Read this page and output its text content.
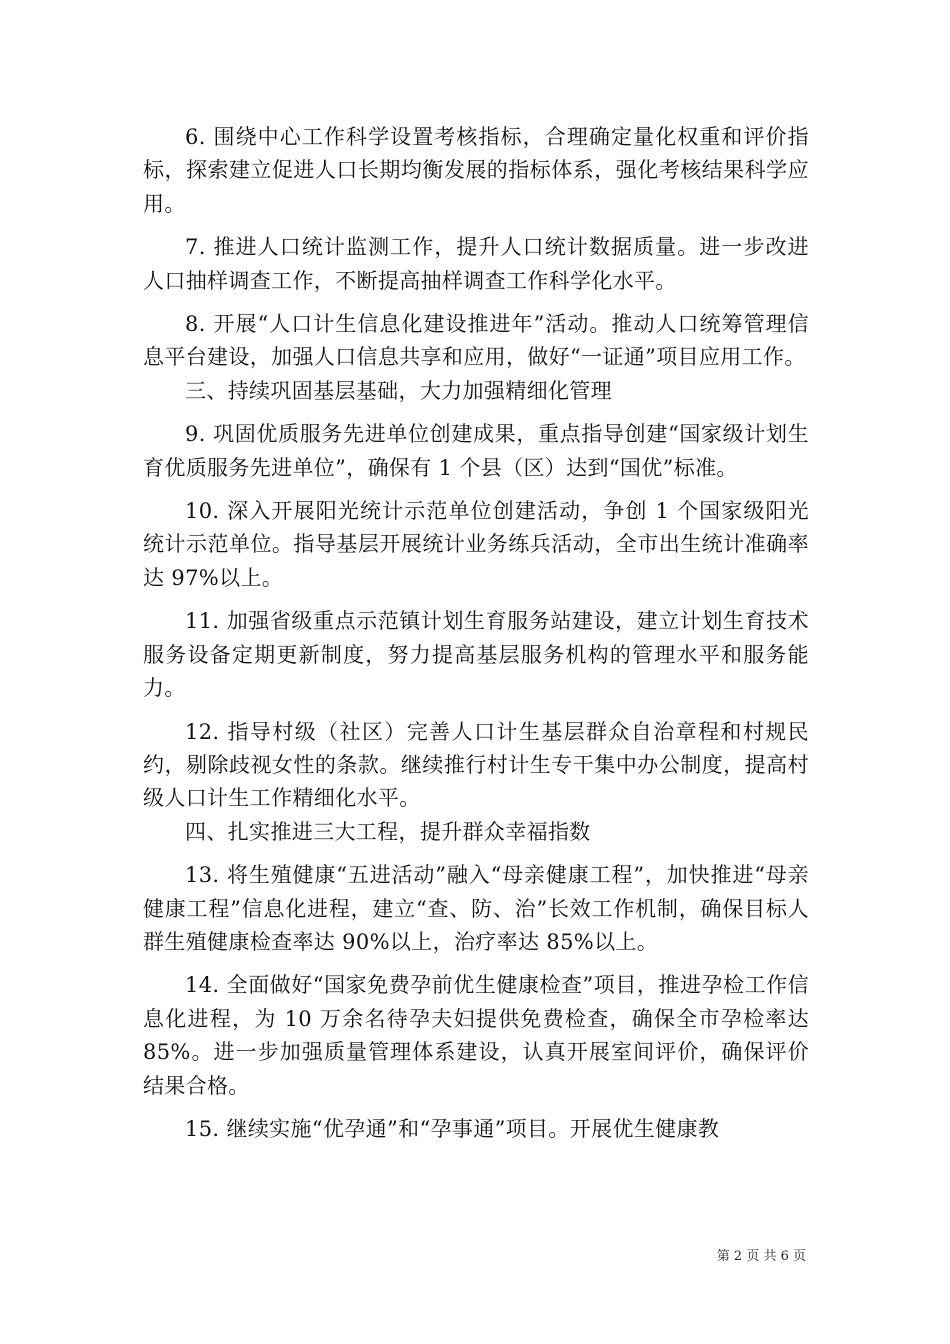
6. 围绕中心工作科学设置考核指标，合理确定量化权重和评价指标，探索建立促进人口长期均衡发展的指标体系，强化考核结果科学应用。

7. 推进人口统计监测工作，提升人口统计数据质量。进一步改进人口抽样调查工作，不断提高抽样调查工作科学化水平。

8. 开展“人口计生信息化建设推进年”活动。推动人口统筹管理信息平台建设，加强人口信息共享和应用，做好“一证通”项目应用工作。

三、持续巩固基层基础，大力加强精细化管理

9. 巩固优质服务先进单位创建成果，重点指导创建“国家级计划生育优质服务先进单位”，确保有 1 个县（区）达到“国优”标准。

10. 深入开展阳光统计示范单位创建活动，争创 1 个国家级阳光统计示范单位。指导基层开展统计业务练兵活动，全市出生统计准确率达 97%以上。

11. 加强省级重点示范镇计划生育服务站建设，建立计划生育技术服务设备定期更新制度，努力提高基层服务机构的管理水平和服务能力。

12. 指导村级（社区）完善人口计生基层群众自治章程和村规民约，剔除歧视女性的条款。继续推行村计生专干集中办公制度，提高村级人口计生工作精细化水平。

四、扎实推进三大工程，提升群众幸福指数

13. 将生殖健康“五进活动”融入“母亲健康工程”，加快推进“母亲健康工程”信息化进程，建立“查、防、治”长效工作机制，确保目标人群生殖健康检查率达 90%以上，治疗率达 85%以上。

14. 全面做好“国家免费孕前优生健康检查”项目，推进孕检工作信息化进程，为 10 万余名待孕夫妇提供免费检查，确保全市孕检率达 85%。进一步加强质量管理体系建设，认真开展室间评价，确保评价结果合格。

15. 继续实施“优孕通”和“孕事通”项目。开展优生健康教

第 2 页 共 6 页
